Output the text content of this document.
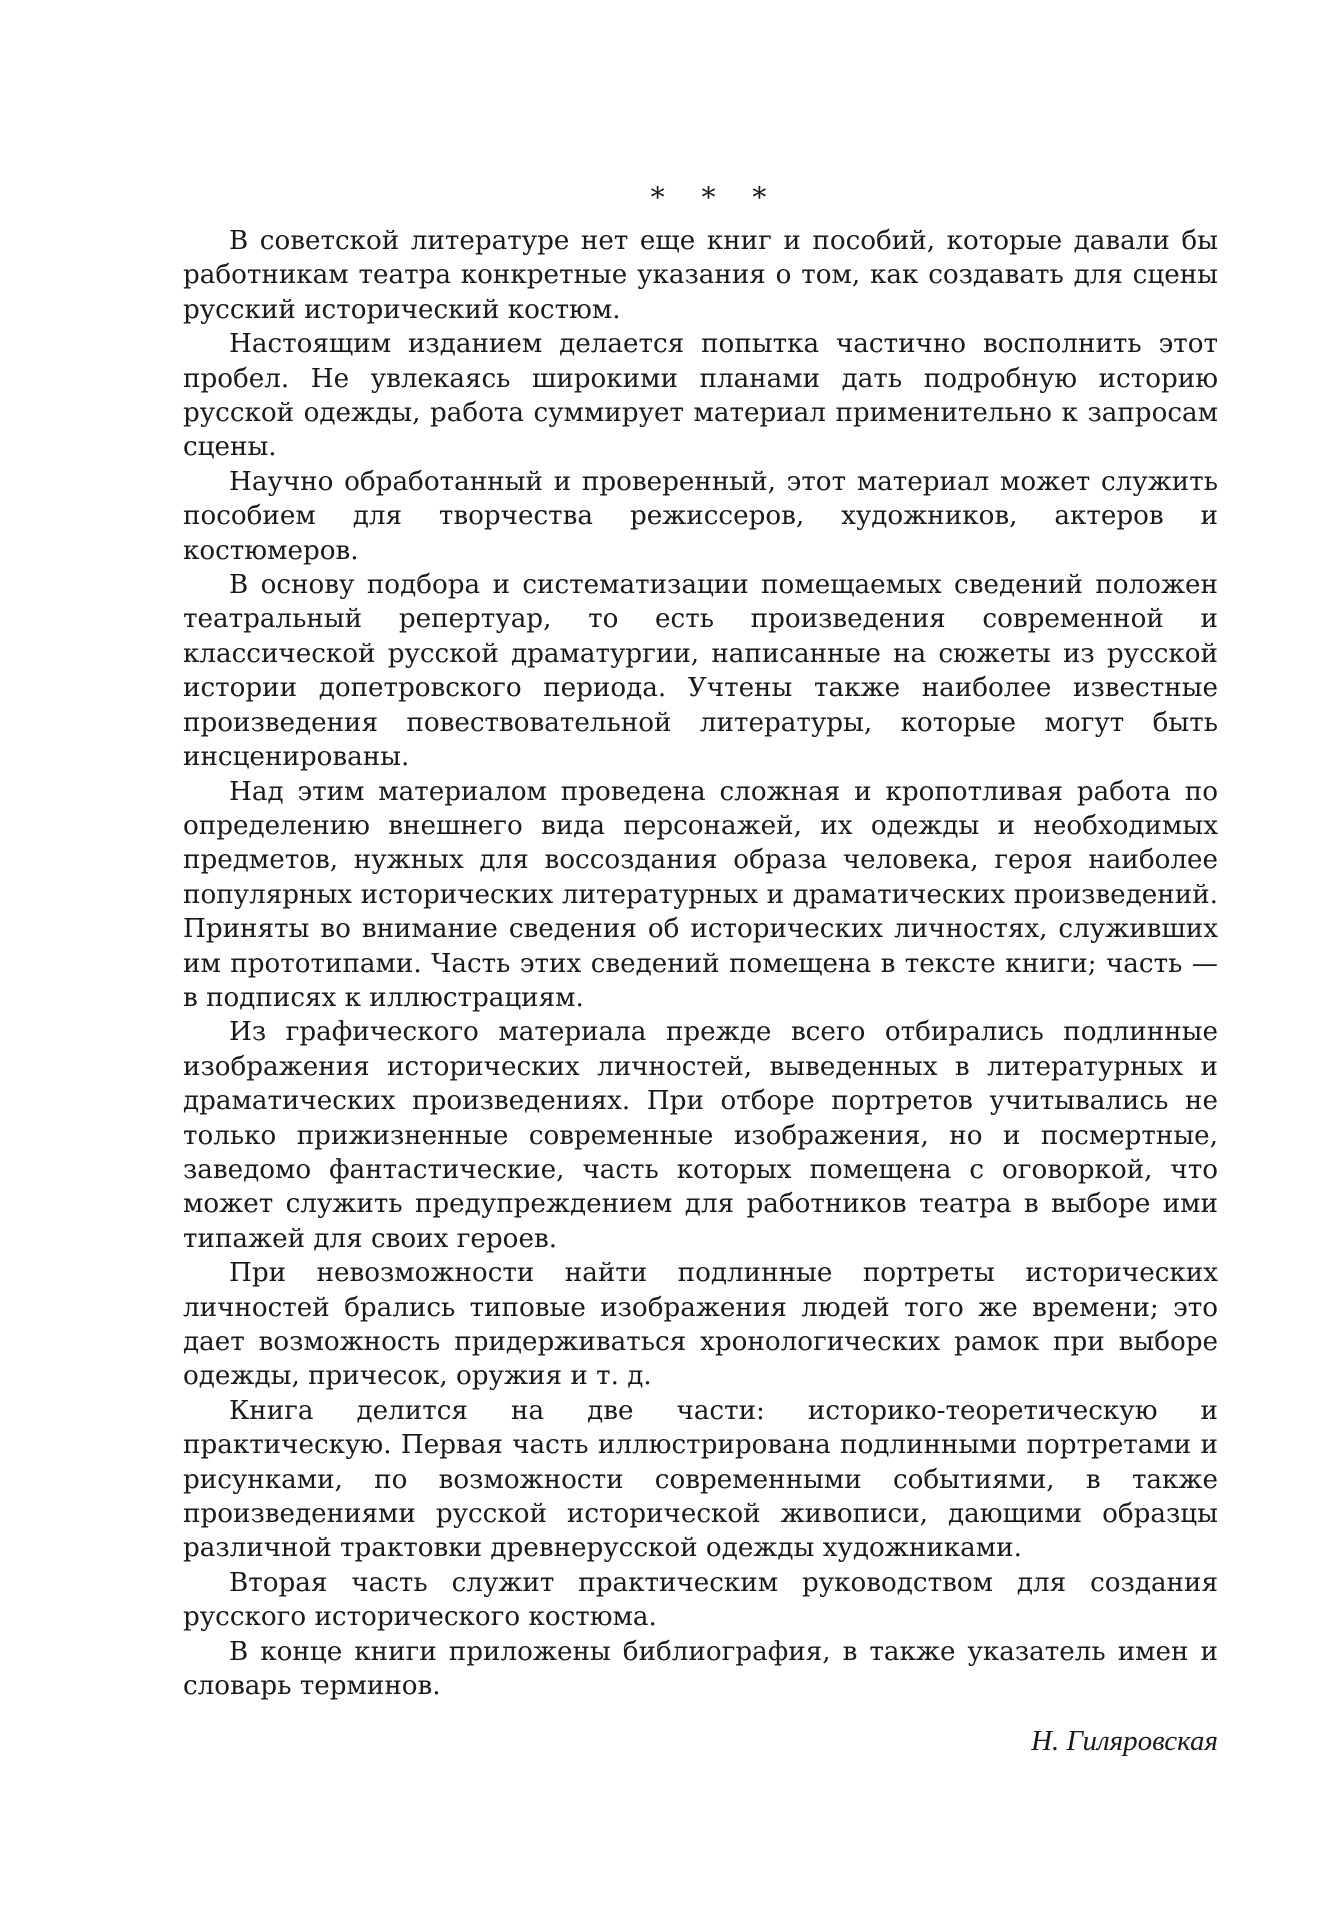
* * *

В советской литературе нет еще книг и пособий, которые давали бы работникам театра конкретные указания о том, как создавать для сцены русский исторический костюм.

Настоящим изданием делается попытка частично восполнить этот пробел. Не увлекаясь широкими планами дать подробную историю русской одежды, работа суммирует материал применительно к запросам сцены.

Научно обработанный и проверенный, этот материал может служить пособием для творчества режиссеров, художников, актеров и костюмеров.

В основу подбора и систематизации помещаемых сведений положен театральный репертуар, то есть произведения современной и классической русской драматургии, написанные на сюжеты из русской истории допетровского периода. Учтены также наиболее известные произведения повествовательной литературы, которые могут быть инсценированы.

Над этим материалом проведена сложная и кропотливая работа по определению внешнего вида персонажей, их одежды и необходимых предметов, нужных для воссоздания образа человека, героя наиболее популярных исторических литературных и драматических произведений. Приняты во внимание сведения об исторических личностях, служивших им прототипами. Часть этих сведений помещена в тексте книги; часть — в подписях к иллюстрациям.

Из графического материала прежде всего отбирались подлинные изображения исторических личностей, выведенных в литературных и драматических произведениях. При отборе портретов учитывались не только прижизненные современные изображения, но и посмертные, заведомо фантастические, часть которых помещена с оговоркой, что может служить предупреждением для работников театра в выборе ими типажей для своих героев.

При невозможности найти подлинные портреты исторических личностей брались типовые изображения людей того же времени; это дает возможность придерживаться хронологических рамок при выборе одежды, причесок, оружия и т. д.

Книга делится на две части: историко-теоретическую и практическую. Первая часть иллюстрирована подлинными портретами и рисунками, по возможности современными событиями, в также произведениями русской исторической живописи, дающими образцы различной трактовки древнерусской одежды художниками.

Вторая часть служит практическим руководством для создания русского исторического костюма.

В конце книги приложены библиография, в также указатель имен и словарь терминов.

Н. Гиляровская
